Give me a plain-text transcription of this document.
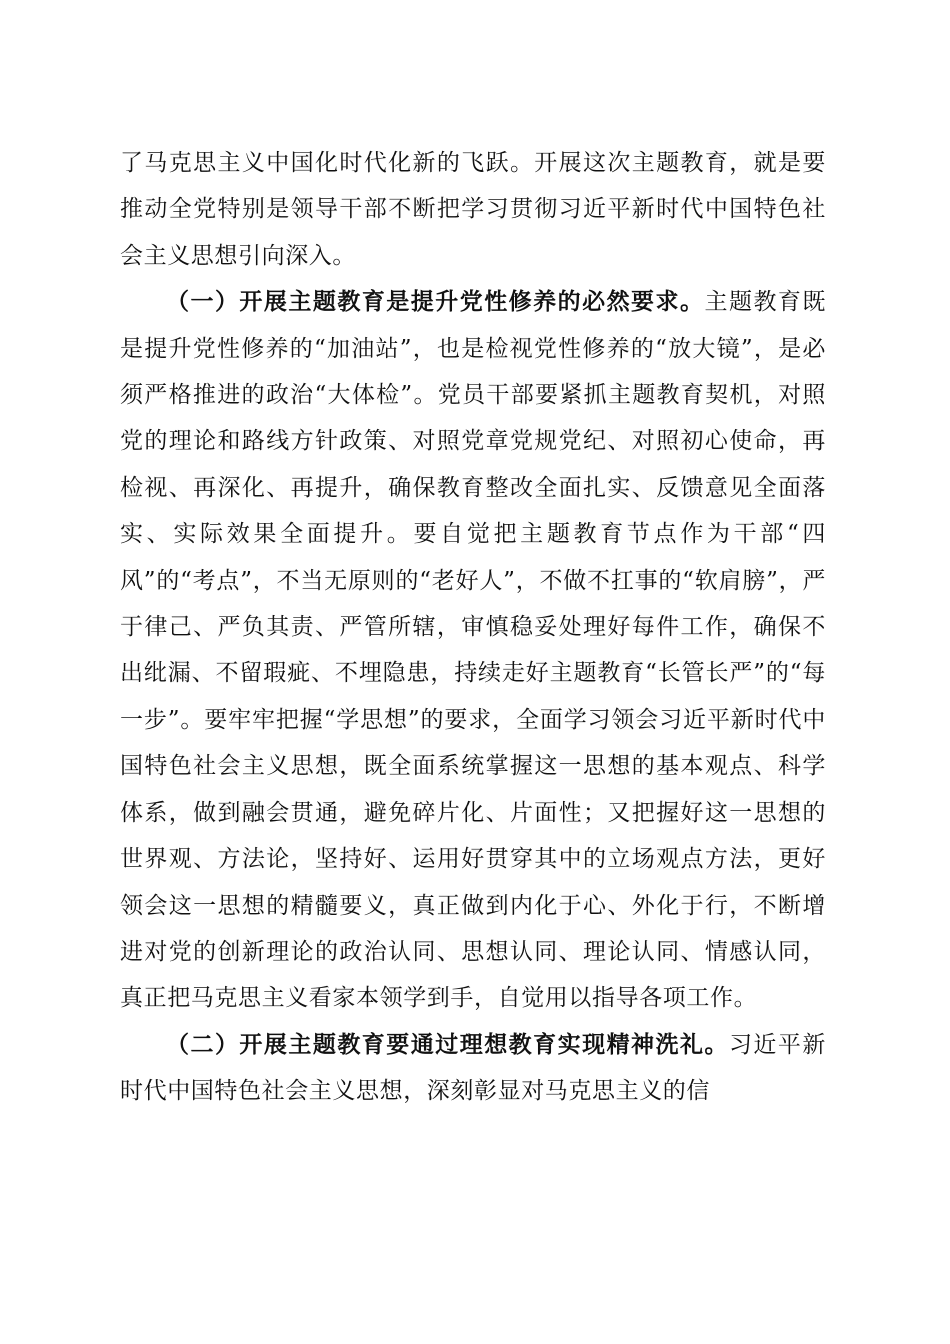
了马克思主义中国化时代化新的飞跃。开展这次主题教育，就是要推动全党特别是领导干部不断把学习贯彻习近平新时代中国特色社会主义思想引向深入。

（一）开展主题教育是提升党性修养的必然要求。主题教育既是提升党性修养的“加油站”，也是检视党性修养的“放大镜”，是必须严格推进的政治“大体检”。党员干部要紧抓主题教育契机，对照党的理论和路线方针政策、对照党章党规党纪、对照初心使命，再检视、再深化、再提升，确保教育整改全面扎实、反馈意见全面落实、实际效果全面提升。要自觉把主题教育节点作为干部“四风”的“考点”，不当无原则的“老好人”，不做不扛事的“软肩膀”，严于律己、严负其责、严管所辖，审慎稳妥处理好每件工作，确保不出纰漏、不留瑕疵、不埋隐患，持续走好主题教育“长管长严”的“每一步”。要牢牢把握“学思想”的要求，全面学习领会习近平新时代中国特色社会主义思想，既全面系统掌握这一思想的基本观点、科学体系，做到融会贯通，避免碎片化、片面性；又把握好这一思想的世界观、方法论，坚持好、运用好贯穿其中的立场观点方法，更好领会这一思想的精髓要义，真正做到内化于心、外化于行，不断增进对党的创新理论的政治认同、思想认同、理论认同、情感认同，真正把马克思主义看家本领学到手，自觉用以指导各项工作。

（二）开展主题教育要通过理想教育实现精神洗礼。习近平新时代中国特色社会主义思想，深刻彰显对马克思主义的信
